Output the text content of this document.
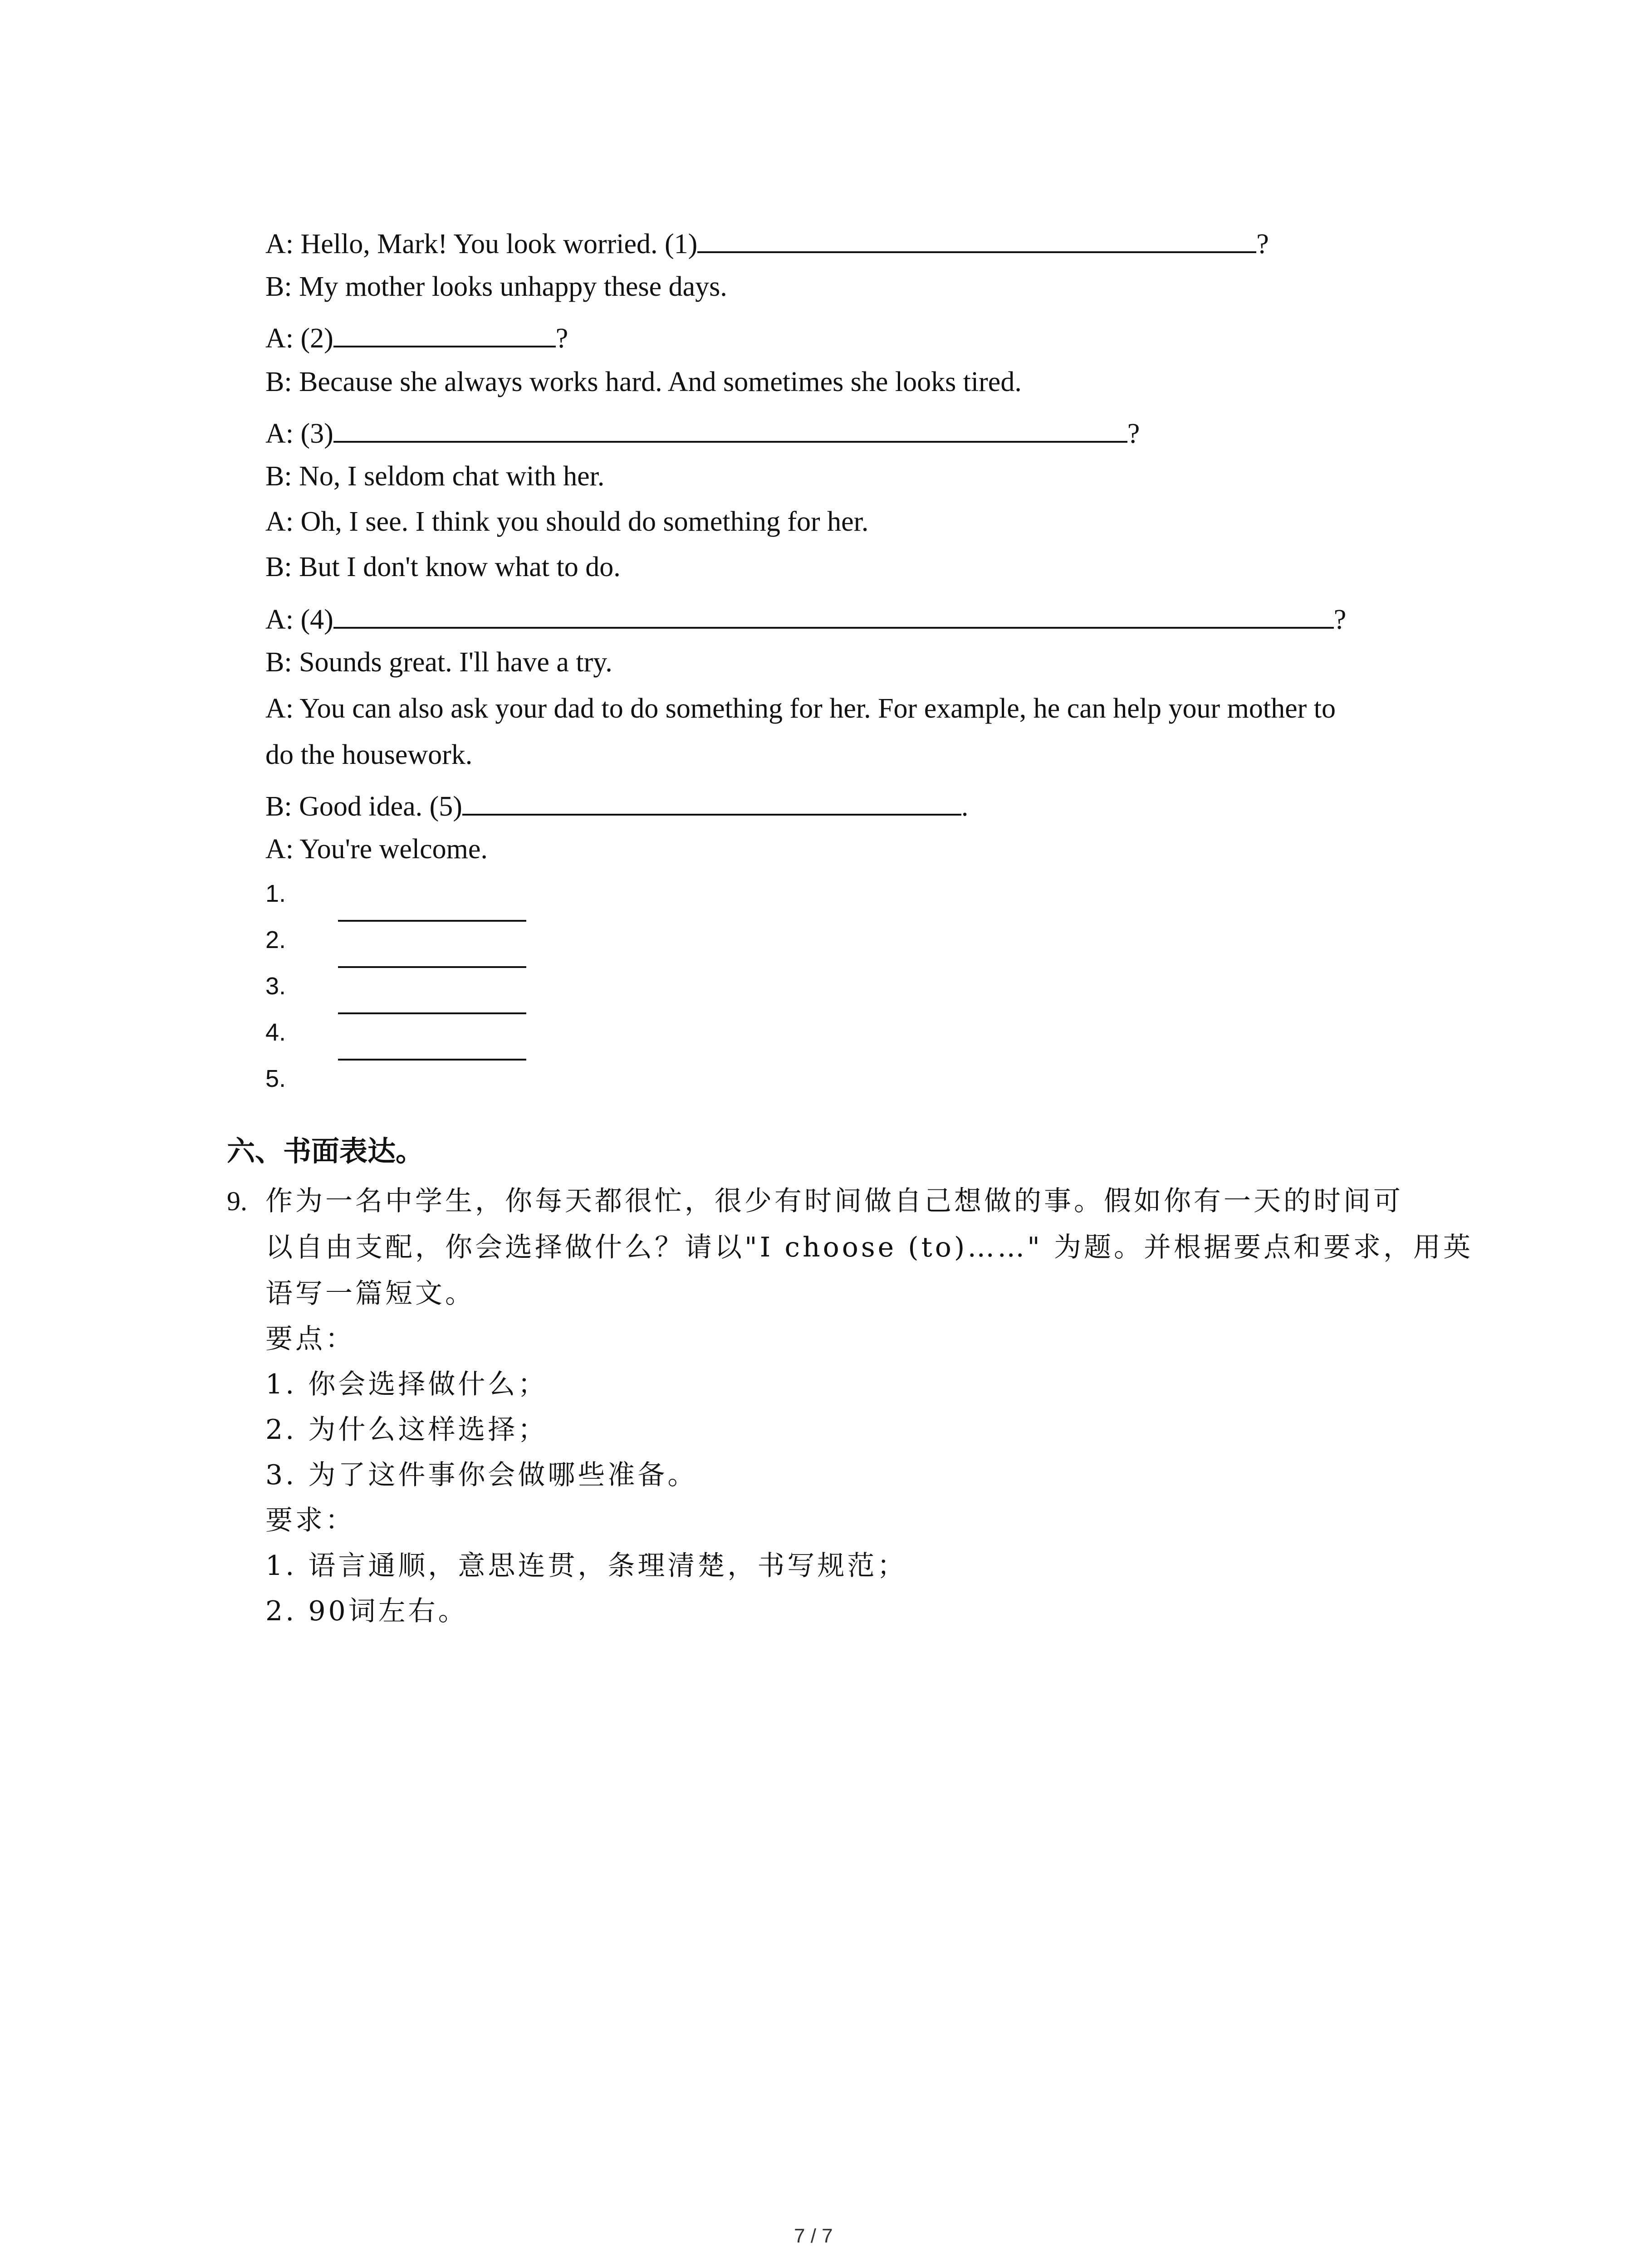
A: Hello, Mark! You look worried. (1)	?
B: My mother looks unhappy these days.
A: (2)	?
B: Because she always works hard. And sometimes she looks tired.
A: (3)	?
B: No, I seldom chat with her.
A: Oh, I see. I think you should do something for her.
B: But I don't know what to do.
A: (4)	?
B: Sounds great. I'll have a try.
A: You can also ask your dad to do something for her. For example, he can help your mother to
do the housework.
B: Good idea. (5)	.
A: You're welcome.
1.
2.
3.
4.
5.
六、书面表达。
9. 作为一名中学生，你每天都很忙，很少有时间做自己想做的事。假如你有一天的时间可
以自由支配，你会选择做什么？请以"I choose (to)……" 为题。并根据要点和要求，用英
语写一篇短文。
要点：
1. 你会选择做什么；
2. 为什么这样选择；
3. 为了这件事你会做哪些准备。
要求：
1. 语言通顺，意思连贯，条理清楚，书写规范；
2. 90词左右。
7 / 7
